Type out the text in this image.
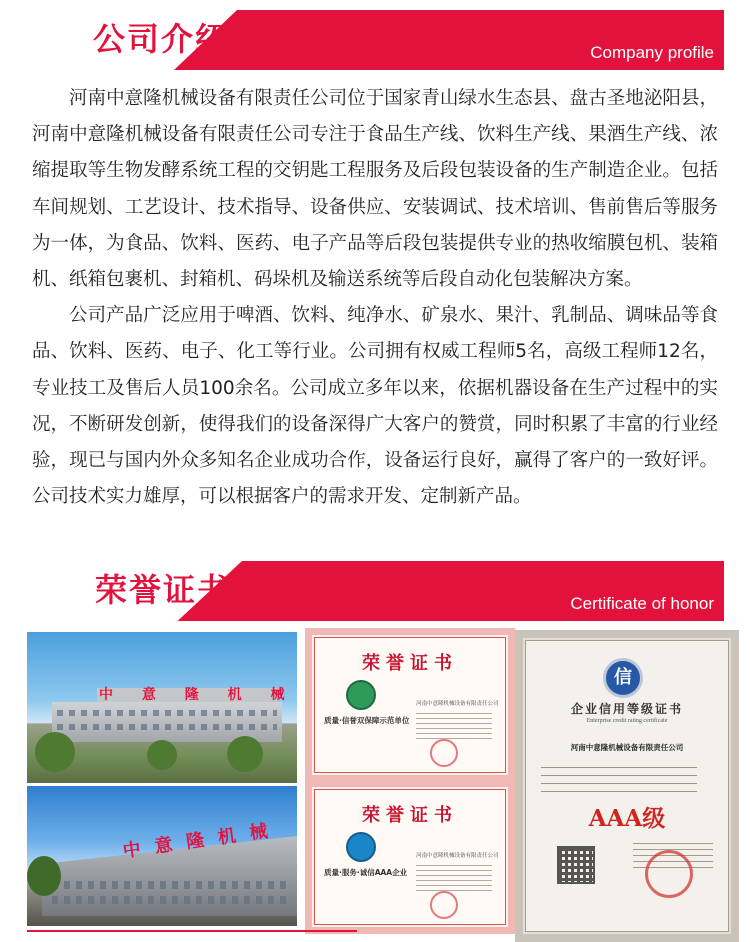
公司介绍	Company profile

河南中意隆机械设备有限责任公司位于国家青山绿水生态县、盘古圣地泌阳县，河南中意隆机械设备有限责任公司专注于食品生产线、饮料生产线、果酒生产线、浓缩提取等生物发酵系统工程的交钥匙工程服务及后段包装设备的生产制造企业。包括车间规划、工艺设计、技术指导、设备供应、安装调试、技术培训、售前售后等服务为一体，为食品、饮料、医药、电子产品等后段包装提供专业的热收缩膜包机、装箱机、纸箱包裹机、封箱机、码垛机及输送系统等后段自动化包装解决方案。

公司产品广泛应用于啤酒、饮料、纯净水、矿泉水、果汁、乳制品、调味品等食品、饮料、医药、电子、化工等行业。公司拥有权威工程师5名，高级工程师12名，专业技工及售后人员100余名。公司成立多年以来，依据机器设备在生产过程中的实况，不断研发创新，使得我们的设备深得广大客户的赞赏，同时积累了丰富的行业经验，现已与国内外众多知名企业成功合作，设备运行良好，赢得了客户的一致好评。公司技术实力雄厚，可以根据客户的需求开发、定制新产品。

荣誉证书	Certificate of honor
中 意 隆 机 械
中意隆机械
荣誉证书
质量·信誉双保障示范单位
河南中意隆机械设备有限责任公司
荣誉证书
质量·服务·诚信AAA企业
河南中意隆机械设备有限责任公司
信
企业信用等级证书
Enterprise credit rating certificate
河南中意隆机械设备有限责任公司
AAA级
